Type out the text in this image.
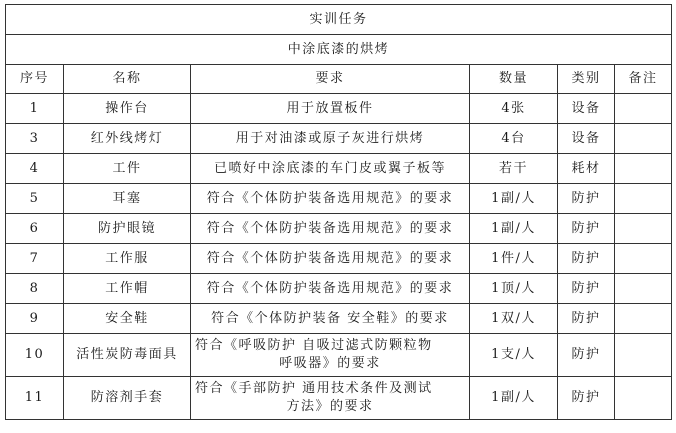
实训任务					
中涂底漆的烘烤					
序号	名称	要求	数量	类别	备注
1	操作台	用于放置板件	4张	设备	
3	红外线烤灯	用于对油漆或原子灰进行烘烤	4台	设备	
4	工件	已喷好中涂底漆的车门皮或翼子板等	若干	耗材	
5	耳塞	符合《个体防护装备选用规范》的要求	1副/人	防护	
6	防护眼镜	符合《个体防护装备选用规范》的要求	1副/人	防护	
7	工作服	符合《个体防护装备选用规范》的要求	1件/人	防护	
8	工作帽	符合《个体防护装备选用规范》的要求	1顶/人	防护	
9	安全鞋	符合《个体防护装备 安全鞋》的要求	1双/人	防护	
10	活性炭防毒面具	符合《呼吸防护 自吸过滤式防颗粒物
呼吸器》的要求	1支/人	防护	
11	防溶剂手套	符合《手部防护 通用技术条件及测试
方法》的要求	1副/人	防护	
